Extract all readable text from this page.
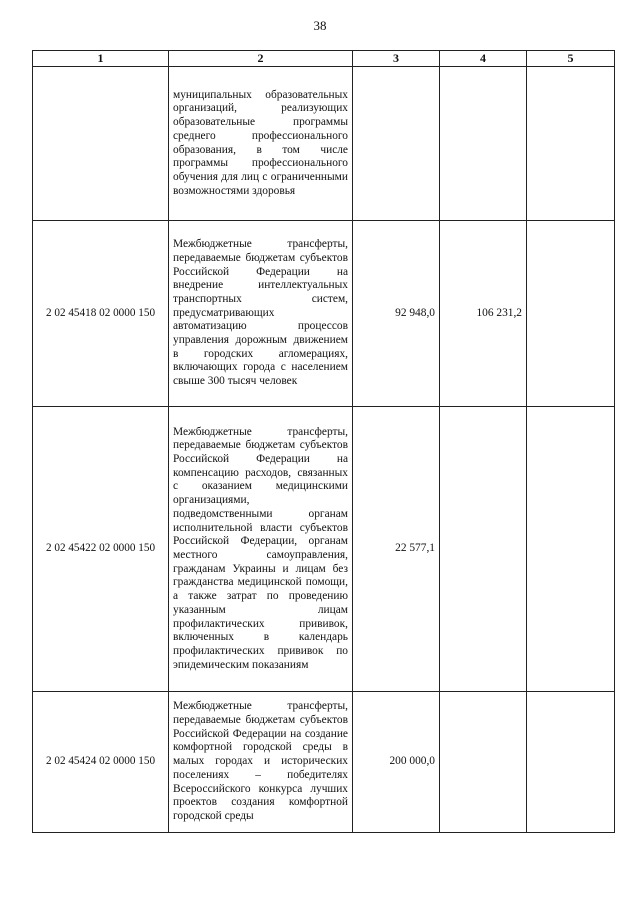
38
1	2	3	4	5
	муниципальных образовательных организаций, реализующих образовательные программы среднего профессионального образования, в том числе программы профессионального обучения для лиц с ограниченными возможностями здоровья			
2 02 45418 02 0000 150	Межбюджетные трансферты, передаваемые бюджетам субъектов Российской Федерации на внедрение интеллектуальных транспортных систем, предусматривающих автоматизацию процессов управления дорожным движением в городских агломерациях, включающих города с населением свыше 300 тысяч человек	92 948,0	106 231,2	
2 02 45422 02 0000 150	Межбюджетные трансферты, передаваемые бюджетам субъектов Российской Федерации на компенсацию расходов, связанных с оказанием медицинскими организациями, подведомственными органам исполнительной власти субъектов Российской Федерации, органам местного самоуправления, гражданам Украины и лицам без гражданства медицинской помощи, а также затрат по проведению указанным лицам профилактических прививок, включенных в календарь профилактических прививок по эпидемическим показаниям	22 577,1		
2 02 45424 02 0000 150	Межбюджетные трансферты, передаваемые бюджетам субъектов Российской Федерации на создание комфортной городской среды в малых городах и исторических поселениях – победителях Всероссийского конкурса лучших проектов создания комфортной городской среды	200 000,0		
